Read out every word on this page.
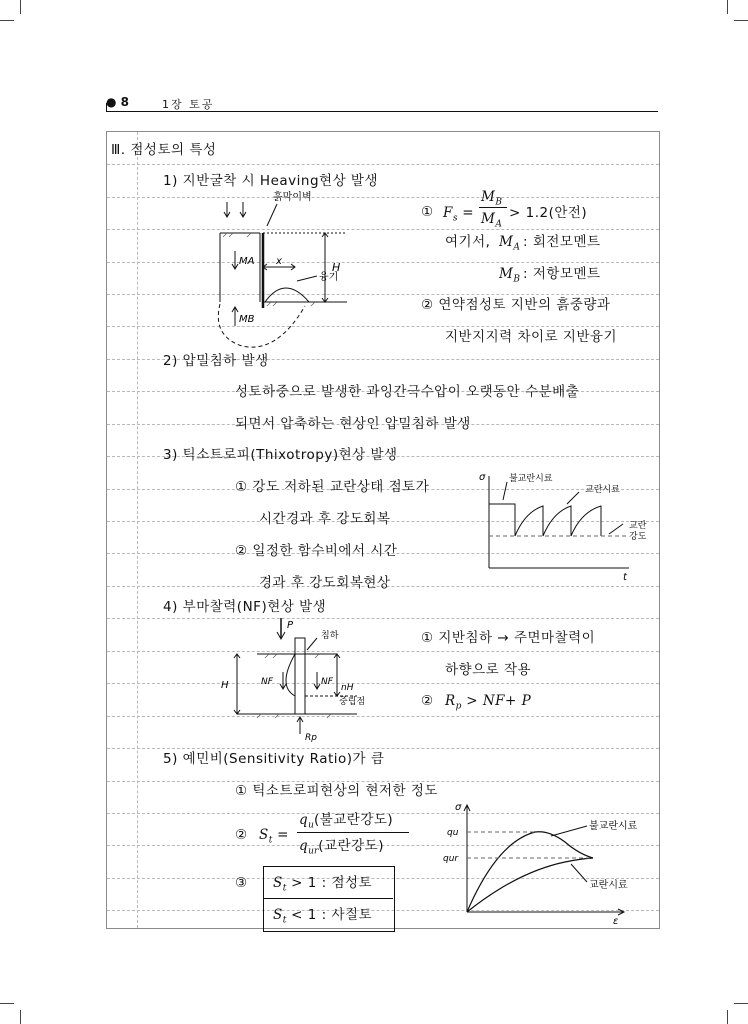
● 8	1장 토공
Ⅲ. 점성토의 특성
1) 지반굴착 시 Heaving현상 발생
흙막이벽
MA
MB
x	H
융기
① $F_s$ =
$M_B$
$M_A$
> 1.2(안전)
여기서, $M_A$ : 회전모멘트
$M_B$ : 저항모멘트
② 연약점성토 지반의 흙중량과
지반지지력 차이로 지반융기
2) 압밀침하 발생
성토하중으로 발생한 과잉간극수압이 오랫동안 수분배출
되면서 압축하는 현상인 압밀침하 발생
3) 틱소트로피(Thixotropy)현상 발생
① 강도 저하된 교란상태 점토가
시간경과 후 강도회복
② 일정한 함수비에서 시간
경과 후 강도회복현상
σ	불교란시료
교란시료
교란
강도
t
4) 부마찰력(NF)현상 발생
P
침하
NF	NF
H	nH
중립점
Rp
① 지반침하 → 주면마찰력이
하향으로 작용
② $R_p > NF+ P$
5) 예민비(Sensitivity Ratio)가 큼
① 틱소트로피현상의 현저한 정도
② $S_t$ =
$q_u$(불교란강도)
$q_{ur}$(교란강도)
③ $S_t > 1$ : 점성토
$S_t < 1$ : 사질토
σ
qu
qur
불교란시료
교란시료
ε
